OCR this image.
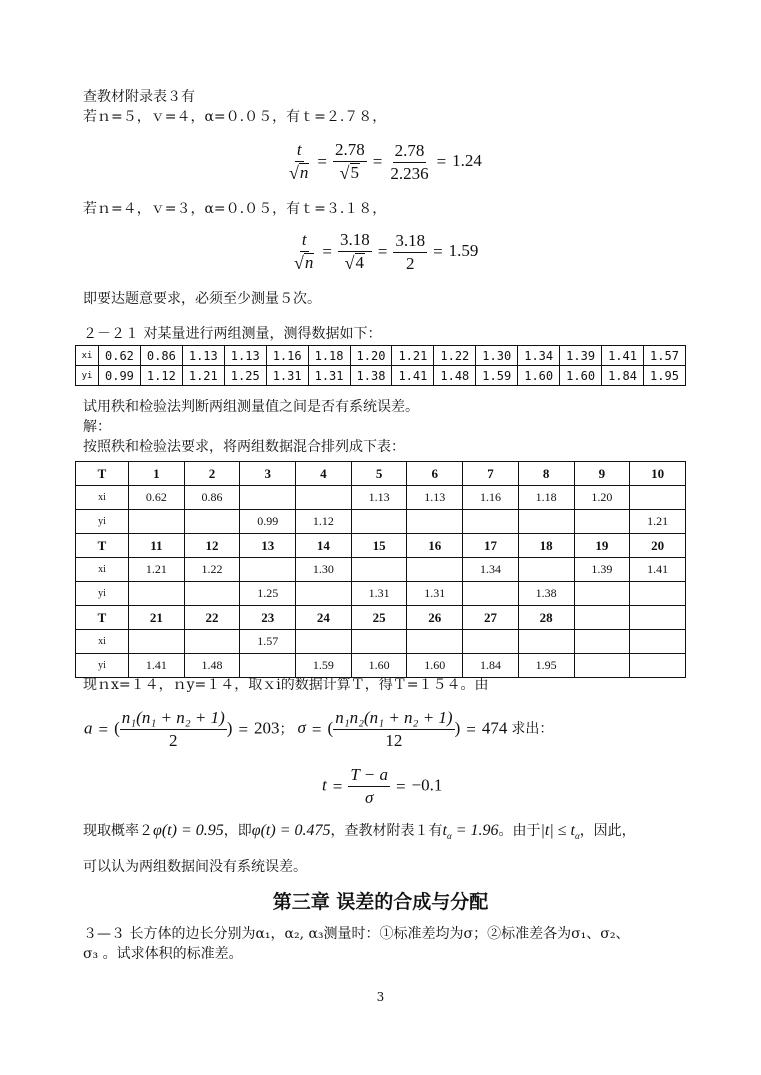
查教材附录表３有
若ｎ=５，ｖ=４，α=０.０５，有ｔ=２.７８，
$\frac{t}{√ n} = \frac{2.78}{√ 5} = \frac{2.78}{2.236} = 1.24$
若ｎ=４，ｖ=３，α=０.０５，有ｔ=３.１８，
$\frac{t}{√ n} = \frac{3.18}{√ 4} = \frac{3.18}{2} = 1.59$
即要达题意要求，必须至少测量５次。
２－２１ 对某量进行两组测量，测得数据如下：
xi	0.62	0.86	1.13	1.13	1.16	1.18	1.20	1.21	1.22	1.30	1.34	1.39	1.41	1.57
yi	0.99	1.12	1.21	1.25	1.31	1.31	1.38	1.41	1.48	1.59	1.60	1.60	1.84	1.95
试用秩和检验法判断两组测量值之间是否有系统误差。
解：
按照秩和检验法要求，将两组数据混合排列成下表：
T	1	2	3	4	5	6	7	8	9	10
xi	0.62	0.86			1.13	1.13	1.16	1.18	1.20	
yi			0.99	1.12						1.21
T	11	12	13	14	15	16	17	18	19	20
xi	1.21	1.22		1.30			1.34		1.39	1.41
yi			1.25		1.31	1.31		1.38		
T	21	22	23	24	25	26	27	28		
xi			1.57							
yi	1.41	1.48		1.59	1.60	1.60	1.84	1.95		
现ｎx=１４，ｎy=１４，取ｘi的数据计算Ｔ，得Ｔ=１５４。由
a = ( $\frac{\text{n₁(n₁ + n₂ + 1)}}{2}$ ) = 203； σ = ( $\frac{\text{n₁n₂(n₁ + n₂ + 1)}}{12}$ ) = 474 求出：
$t = \frac{T - a}{\sigma} = -0.1$
现取概率２φ(t) = 0.95，即φ(t) = 0.475，查教材附表１有$t_\alpha = 1.96$。由于$|t| \le t_\alpha$，因此，
可以认为两组数据间没有系统误差。
第三章 误差的合成与分配
３—３ 长方体的边长分别为α₁，α₂, α₃测量时：①标准差均为σ；②标准差各为σ₁、σ₂、
σ₃ 。试求体积的标准差。
3
